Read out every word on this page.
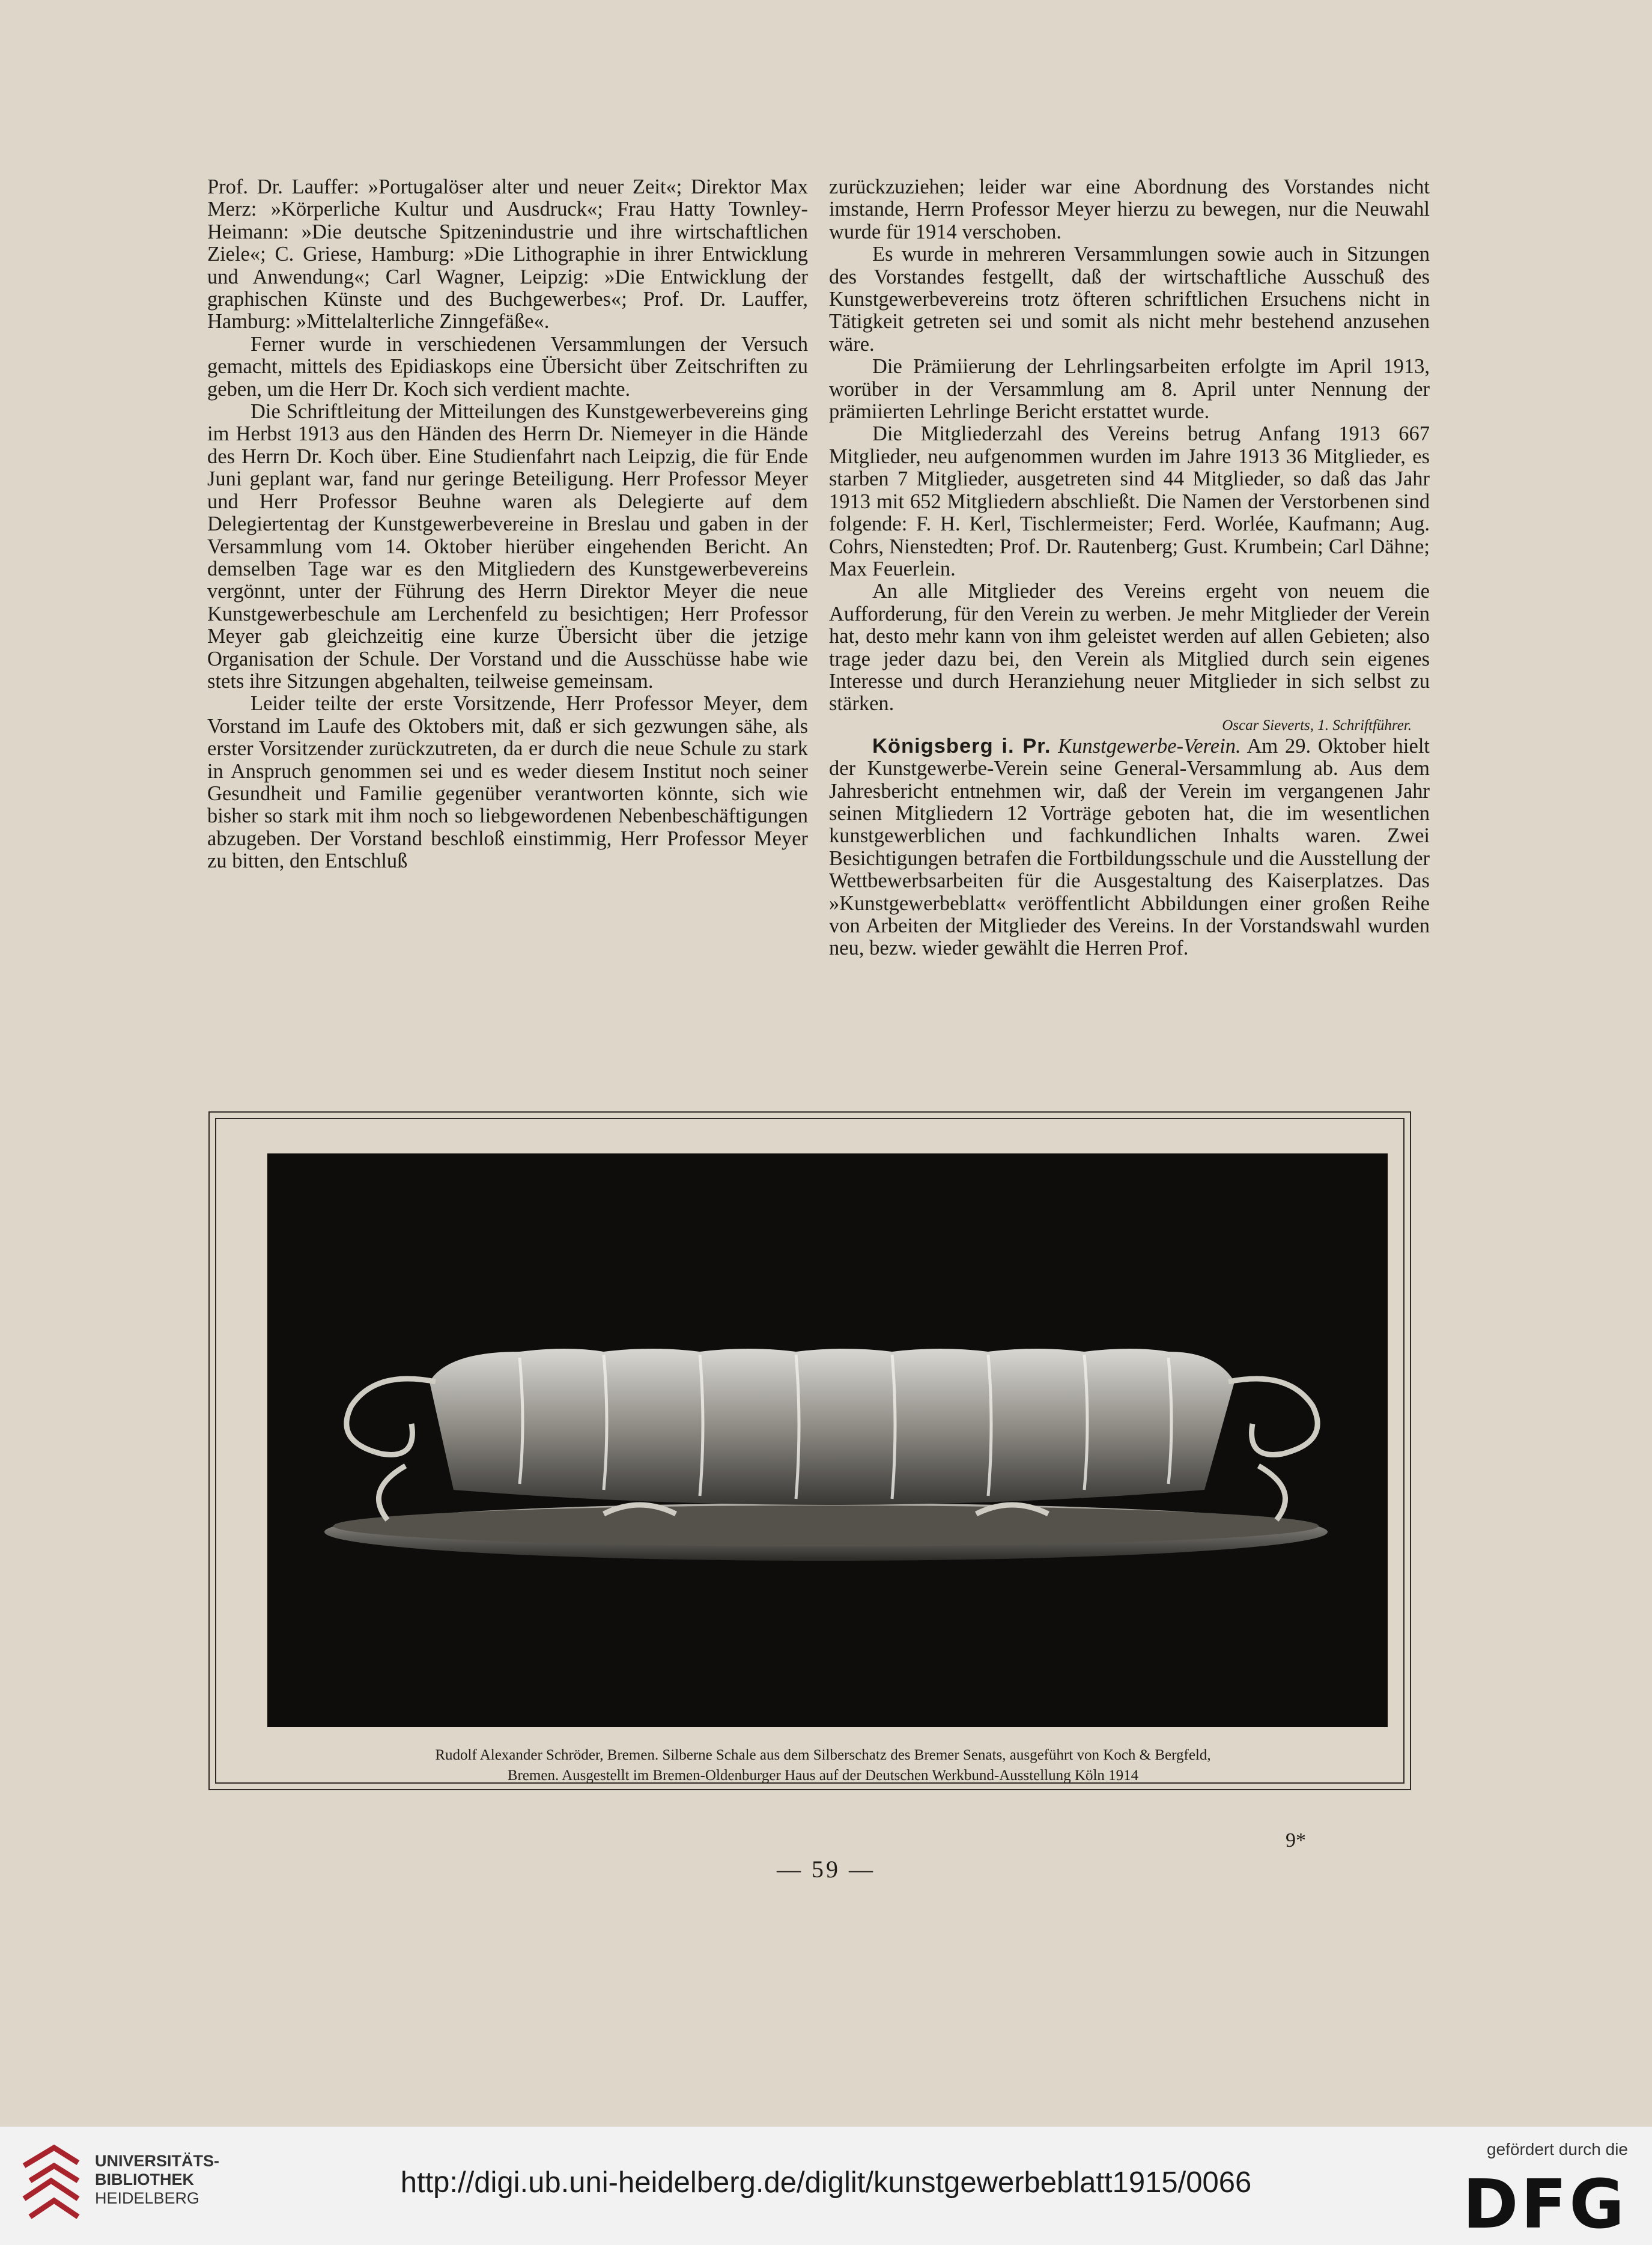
Prof. Dr. Lauffer: »Portugalöser alter und neuer Zeit«; Direktor Max Merz: »Körperliche Kultur und Ausdruck«; Frau Hatty Townley-Heimann: »Die deutsche Spitzenindustrie und ihre wirtschaftlichen Ziele«; C. Griese, Hamburg: »Die Lithographie in ihrer Entwicklung und Anwendung«; Carl Wagner, Leipzig: »Die Entwicklung der graphischen Künste und des Buchgewerbes«; Prof. Dr. Lauffer, Hamburg: »Mittelalterliche Zinngefäße«.

Ferner wurde in verschiedenen Versammlungen der Versuch gemacht, mittels des Epidiaskops eine Übersicht über Zeitschriften zu geben, um die Herr Dr. Koch sich verdient machte.

Die Schriftleitung der Mitteilungen des Kunstgewerbevereins ging im Herbst 1913 aus den Händen des Herrn Dr. Niemeyer in die Hände des Herrn Dr. Koch über. Eine Studienfahrt nach Leipzig, die für Ende Juni geplant war, fand nur geringe Beteiligung. Herr Professor Meyer und Herr Professor Beuhne waren als Delegierte auf dem Delegiertentag der Kunstgewerbevereine in Breslau und gaben in der Versammlung vom 14. Oktober hierüber eingehenden Bericht. An demselben Tage war es den Mitgliedern des Kunstgewerbevereins vergönnt, unter der Führung des Herrn Direktor Meyer die neue Kunstgewerbeschule am Lerchenfeld zu besichtigen; Herr Professor Meyer gab gleichzeitig eine kurze Übersicht über die jetzige Organisation der Schule. Der Vorstand und die Ausschüsse habe wie stets ihre Sitzungen abgehalten, teilweise gemeinsam.

Leider teilte der erste Vorsitzende, Herr Professor Meyer, dem Vorstand im Laufe des Oktobers mit, daß er sich gezwungen sähe, als erster Vorsitzender zurückzutreten, da er durch die neue Schule zu stark in Anspruch genommen sei und es weder diesem Institut noch seiner Gesundheit und Familie gegenüber verantworten könnte, sich wie bisher so stark mit ihm noch so liebgewordenen Nebenbeschäftigungen abzugeben. Der Vorstand beschloß einstimmig, Herr Professor Meyer zu bitten, den Entschluß

zurückzuziehen; leider war eine Abordnung des Vorstandes nicht imstande, Herrn Professor Meyer hierzu zu bewegen, nur die Neuwahl wurde für 1914 verschoben.

Es wurde in mehreren Versammlungen sowie auch in Sitzungen des Vorstandes festgellt, daß der wirtschaftliche Ausschuß des Kunstgewerbevereins trotz öfteren schriftlichen Ersuchens nicht in Tätigkeit getreten sei und somit als nicht mehr bestehend anzusehen wäre.

Die Prämiierung der Lehrlingsarbeiten erfolgte im April 1913, worüber in der Versammlung am 8. April unter Nennung der prämiierten Lehrlinge Bericht erstattet wurde.

Die Mitgliederzahl des Vereins betrug Anfang 1913 667 Mitglieder, neu aufgenommen wurden im Jahre 1913 36 Mitglieder, es starben 7 Mitglieder, ausgetreten sind 44 Mitglieder, so daß das Jahr 1913 mit 652 Mitgliedern abschließt. Die Namen der Verstorbenen sind folgende: F. H. Kerl, Tischlermeister; Ferd. Worlée, Kaufmann; Aug. Cohrs, Nienstedten; Prof. Dr. Rautenberg; Gust. Krumbein; Carl Dähne; Max Feuerlein.

An alle Mitglieder des Vereins ergeht von neuem die Aufforderung, für den Verein zu werben. Je mehr Mitglieder der Verein hat, desto mehr kann von ihm geleistet werden auf allen Gebieten; also trage jeder dazu bei, den Verein als Mitglied durch sein eigenes Interesse und durch Heranziehung neuer Mitglieder in sich selbst zu stärken.

Oscar Sieverts, 1. Schriftführer.

Königsberg i. Pr. Kunstgewerbe-Verein. Am 29. Oktober hielt der Kunstgewerbe-Verein seine General-Versammlung ab. Aus dem Jahresbericht entnehmen wir, daß der Verein im vergangenen Jahr seinen Mitgliedern 12 Vorträge geboten hat, die im wesentlichen kunstgewerblichen und fachkundlichen Inhalts waren. Zwei Besichtigungen betrafen die Fortbildungsschule und die Ausstellung der Wettbewerbsarbeiten für die Ausgestaltung des Kaiserplatzes. Das »Kunstgewerbeblatt« veröffentlicht Abbildungen einer großen Reihe von Arbeiten der Mitglieder des Vereins. In der Vorstandswahl wurden neu, bezw. wieder gewählt die Herren Prof.

Rudolf Alexander Schröder, Bremen. Silberne Schale aus dem Silberschatz des Bremer Senats, ausgeführt von Koch & Bergfeld,
Bremen. Ausgestellt im Bremen-Oldenburger Haus auf der Deutschen Werkbund-Ausstellung Köln 1914
9*
— 59 —
UNIVERSITÄTS-
BIBLIOTHEK
HEIDELBERG	http://digi.ub.uni-heidelberg.de/diglit/kunstgewerbeblatt1915/0066
gefördert durch die
DFG
